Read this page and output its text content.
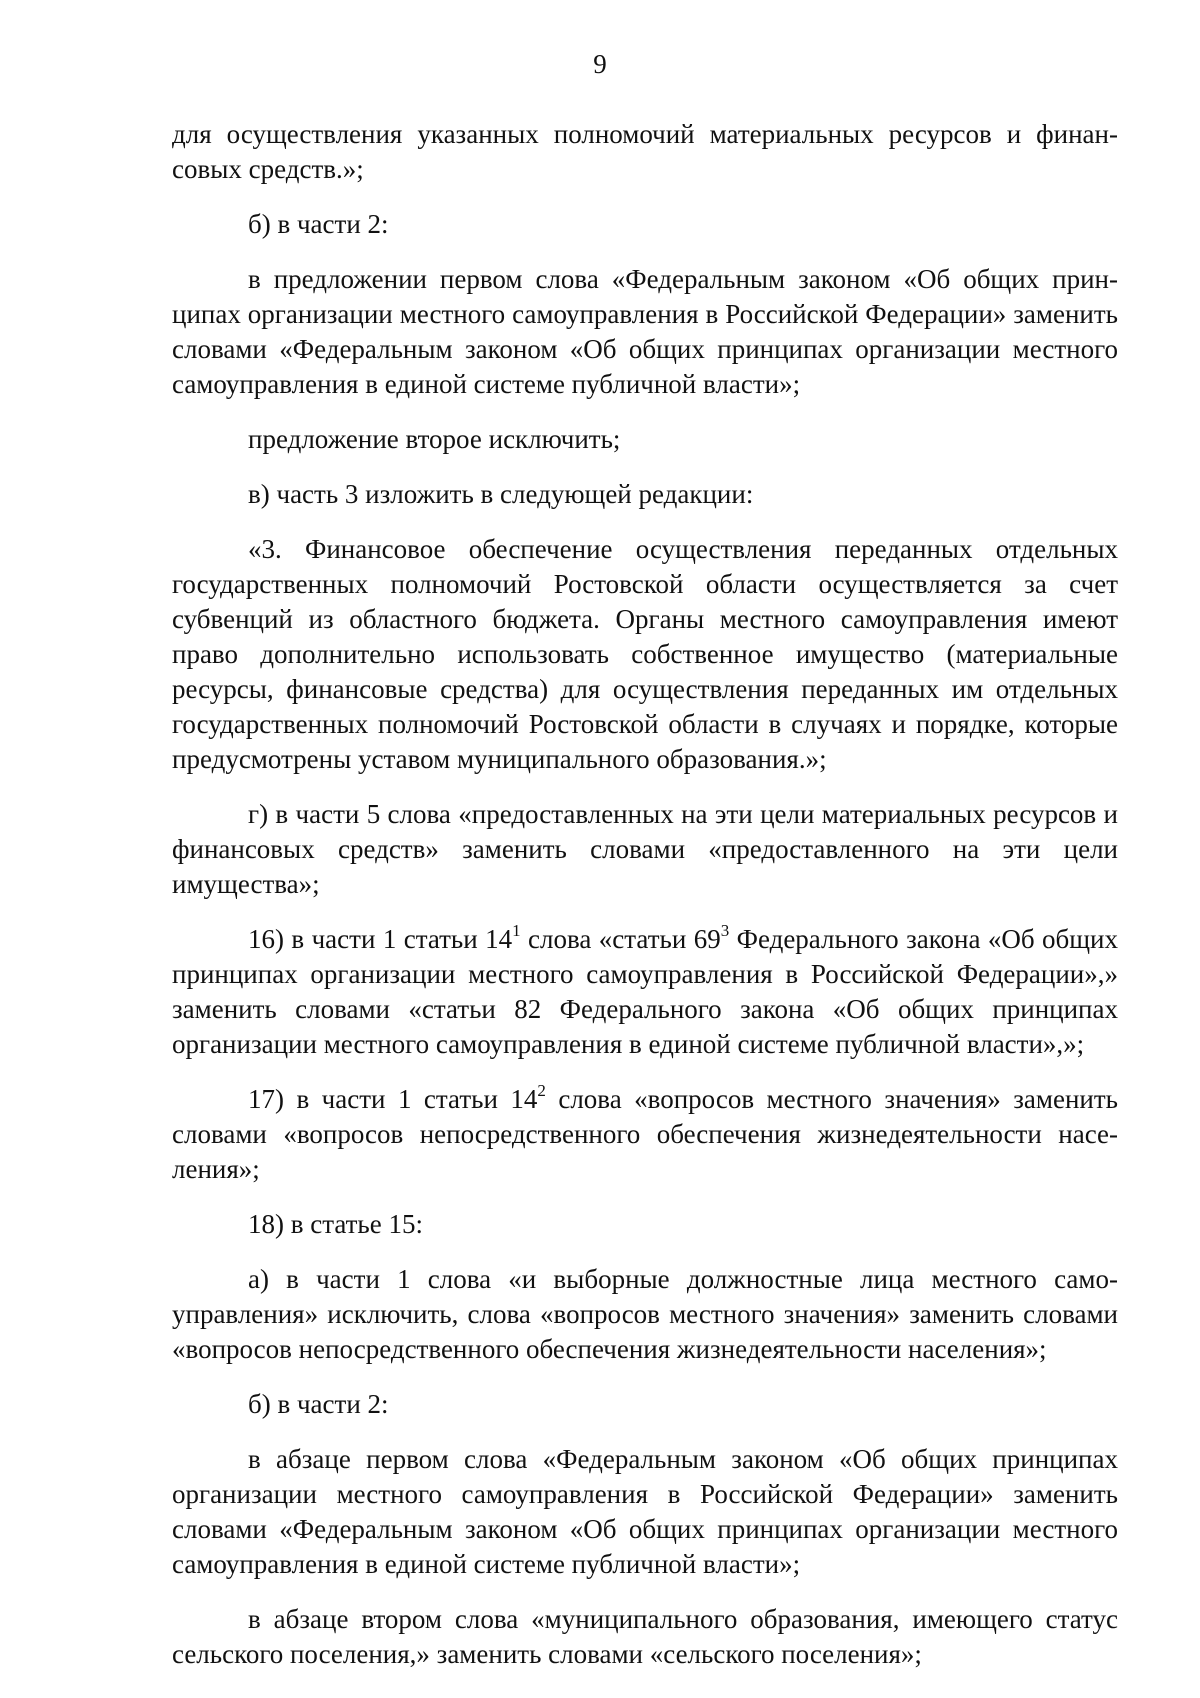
9

для осуществления указанных полномочий материальных ресурсов и финансовых средств.»;

б) в части 2:

в предложении первом слова «Федеральным законом «Об общих принципах организации местного самоуправления в Российской Федерации» заменить словами «Федеральным законом «Об общих принципах организации местного самоуправления в единой системе публичной власти»;

предложение второе исключить;

в) часть 3 изложить в следующей редакции:

«3. Финансовое обеспечение осуществления переданных отдельных государственных полномочий Ростовской области осуществляется за счет субвенций из областного бюджета. Органы местного самоуправления имеют право дополнительно использовать собственное имущество (материальные ресурсы, финансовые средства) для осуществления переданных им отдельных государственных полномочий Ростовской области в случаях и порядке, которые предусмотрены уставом муниципального образования.»;

г) в части 5 слова «предоставленных на эти цели материальных ресурсов и финансовых средств» заменить словами «предоставленного на эти цели имущества»;

16) в части 1 статьи $14^1$ слова «статьи $69^3$ Федерального закона «Об общих принципах организации местного самоуправления в Российской Федерации»,» заменить словами «статьи 82 Федерального закона «Об общих принципах организации местного самоуправления в единой системе публичной власти»,»;

17) в части 1 статьи $14^2$ слова «вопросов местного значения» заменить словами «вопросов непосредственного обеспечения жизнедеятельности населения»;

18) в статье 15:

а) в части 1 слова «и выборные должностные лица местного самоуправления» исключить, слова «вопросов местного значения» заменить словами «вопросов непосредственного обеспечения жизнедеятельности населения»;

б) в части 2:

в абзаце первом слова «Федеральным законом «Об общих принципах организации местного самоуправления в Российской Федерации» заменить словами «Федеральным законом «Об общих принципах организации местного самоуправления в единой системе публичной власти»;

в абзаце втором слова «муниципального образования, имеющего статус сельского поселения,» заменить словами «сельского поселения»;
